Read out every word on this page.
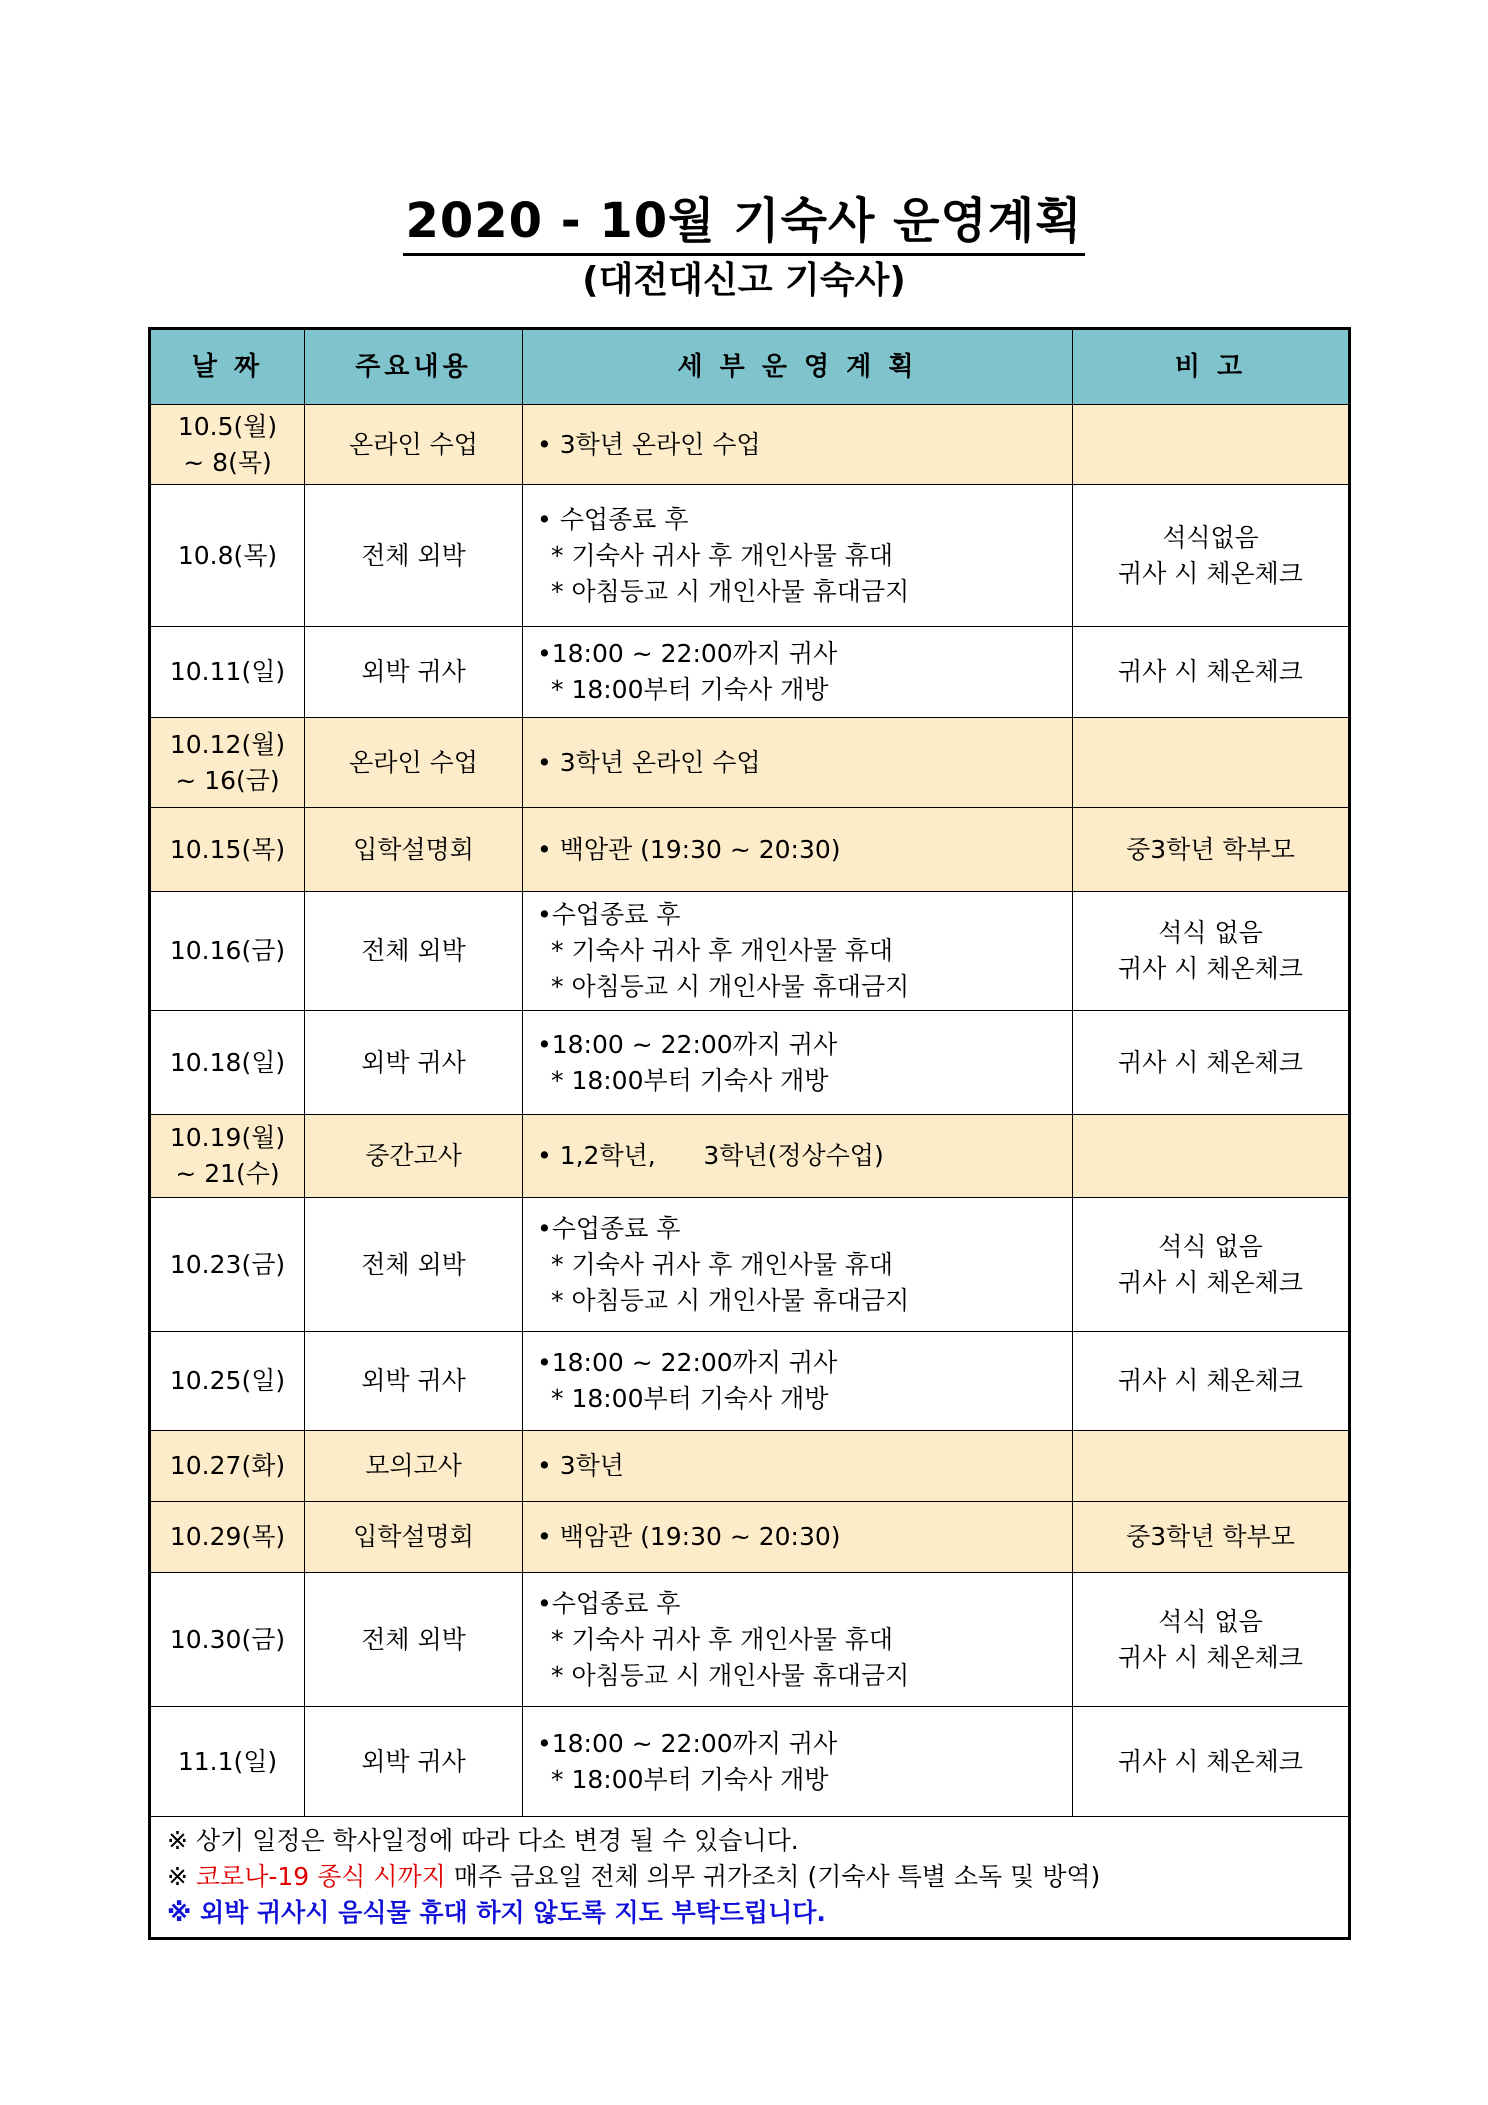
2020 - 10월 기숙사 운영계획
(대전대신고 기숙사)
날 짜	주요내용	세 부 운 영 계 획	비 고

10.5(월)
~ 8(목)	온라인 수업	• 3학년 온라인 수업	

10.8(목)	전체 외박	• 수업종료 후
* 기숙사 귀사 후 개인사물 휴대
* 아침등교 시 개인사물 휴대금지	석식없음
귀사 시 체온체크

10.11(일)	외박 귀사	•18:00 ~ 22:00까지 귀사
* 18:00부터 기숙사 개방	귀사 시 체온체크

10.12(월)
~ 16(금)	온라인 수업	• 3학년 온라인 수업	

10.15(목)	입학설명회	• 백암관 (19:30 ~ 20:30)	중3학년 학부모

10.16(금)	전체 외박	•수업종료 후
* 기숙사 귀사 후 개인사물 휴대
* 아침등교 시 개인사물 휴대금지	석식 없음
귀사 시 체온체크

10.18(일)	외박 귀사	•18:00 ~ 22:00까지 귀사
* 18:00부터 기숙사 개방	귀사 시 체온체크

10.19(월)
~ 21(수)	중간고사	• 1,2학년,      3학년(정상수업)	

10.23(금)	전체 외박	•수업종료 후
* 기숙사 귀사 후 개인사물 휴대
* 아침등교 시 개인사물 휴대금지	석식 없음
귀사 시 체온체크

10.25(일)	외박 귀사	•18:00 ~ 22:00까지 귀사
* 18:00부터 기숙사 개방	귀사 시 체온체크

10.27(화)	모의고사	• 3학년	

10.29(목)	입학설명회	• 백암관 (19:30 ~ 20:30)	중3학년 학부모

10.30(금)	전체 외박	•수업종료 후
* 기숙사 귀사 후 개인사물 휴대
* 아침등교 시 개인사물 휴대금지	석식 없음
귀사 시 체온체크

11.1(일)	외박 귀사	•18:00 ~ 22:00까지 귀사
* 18:00부터 기숙사 개방	귀사 시 체온체크

※ 상기 일정은 학사일정에 따라 다소 변경 될 수 있습니다.
※ 코로나-19 종식 시까지 매주 금요일 전체 의무 귀가조치 (기숙사 특별 소독 및 방역)
※ 외박 귀사시 음식물 휴대 하지 않도록 지도 부탁드립니다.			
